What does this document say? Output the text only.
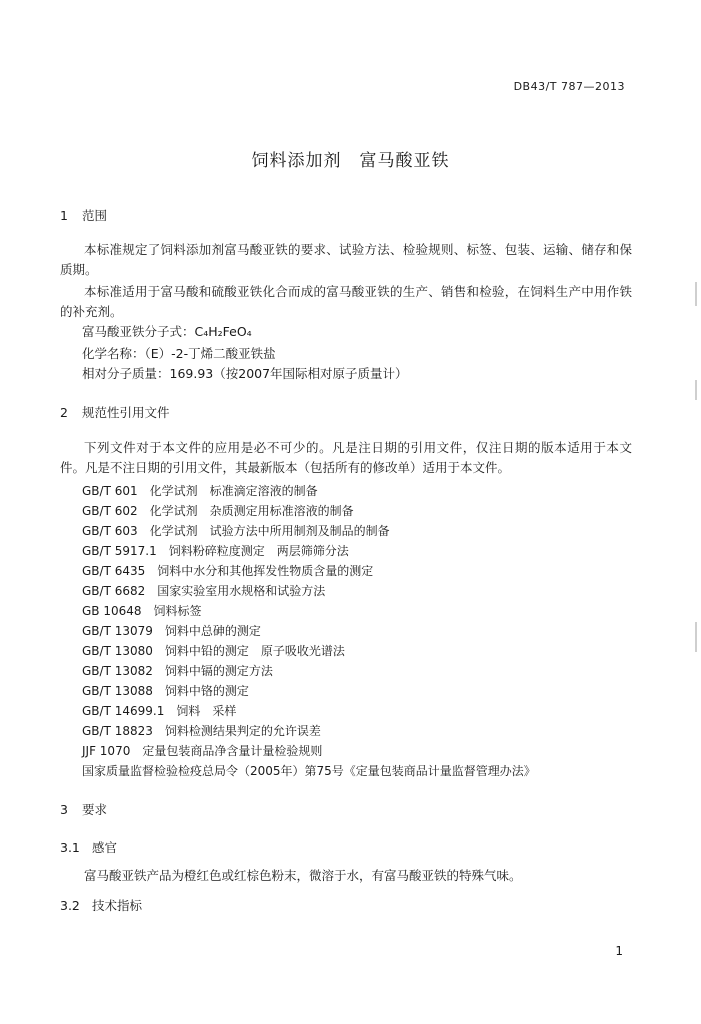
DB43/T 787—2013
饲料添加剂　富马酸亚铁
1 范围
本标准规定了饲料添加剂富马酸亚铁的要求、试验方法、检验规则、标签、包装、运输、储存和保质期。
本标准适用于富马酸和硫酸亚铁化合而成的富马酸亚铁的生产、销售和检验，在饲料生产中用作铁的补充剂。
富马酸亚铁分子式：C₄H₂FeO₄
化学名称：（E）-2-丁烯二酸亚铁盐
相对分子质量：169.93（按2007年国际相对原子质量计）
2 规范性引用文件
下列文件对于本文件的应用是必不可少的。凡是注日期的引用文件，仅注日期的版本适用于本文件。凡是不注日期的引用文件，其最新版本（包括所有的修改单）适用于本文件。
GB/T 601　 化学试剂　标准滴定溶液的制备
GB/T 602　 化学试剂　杂质测定用标准溶液的制备
GB/T 603　 化学试剂　试验方法中所用制剂及制品的制备
GB/T 5917.1　 饲料粉碎粒度测定　两层筛筛分法
GB/T 6435　 饲料中水分和其他挥发性物质含量的测定
GB/T 6682　 国家实验室用水规格和试验方法
GB 10648　 饲料标签
GB/T 13079　 饲料中总砷的测定
GB/T 13080　 饲料中铅的测定　原子吸收光谱法
GB/T 13082　 饲料中镉的测定方法
GB/T 13088　 饲料中铬的测定
GB/T 14699.1　 饲料　采样
GB/T 18823　 饲料检测结果判定的允许误差
JJF 1070　 定量包装商品净含量计量检验规则
国家质量监督检验检疫总局令（2005年）第75号《定量包装商品计量监督管理办法》
3 要求
3.1 感官
富马酸亚铁产品为橙红色或红棕色粉末，微溶于水，有富马酸亚铁的特殊气味。
3.2 技术指标
1
